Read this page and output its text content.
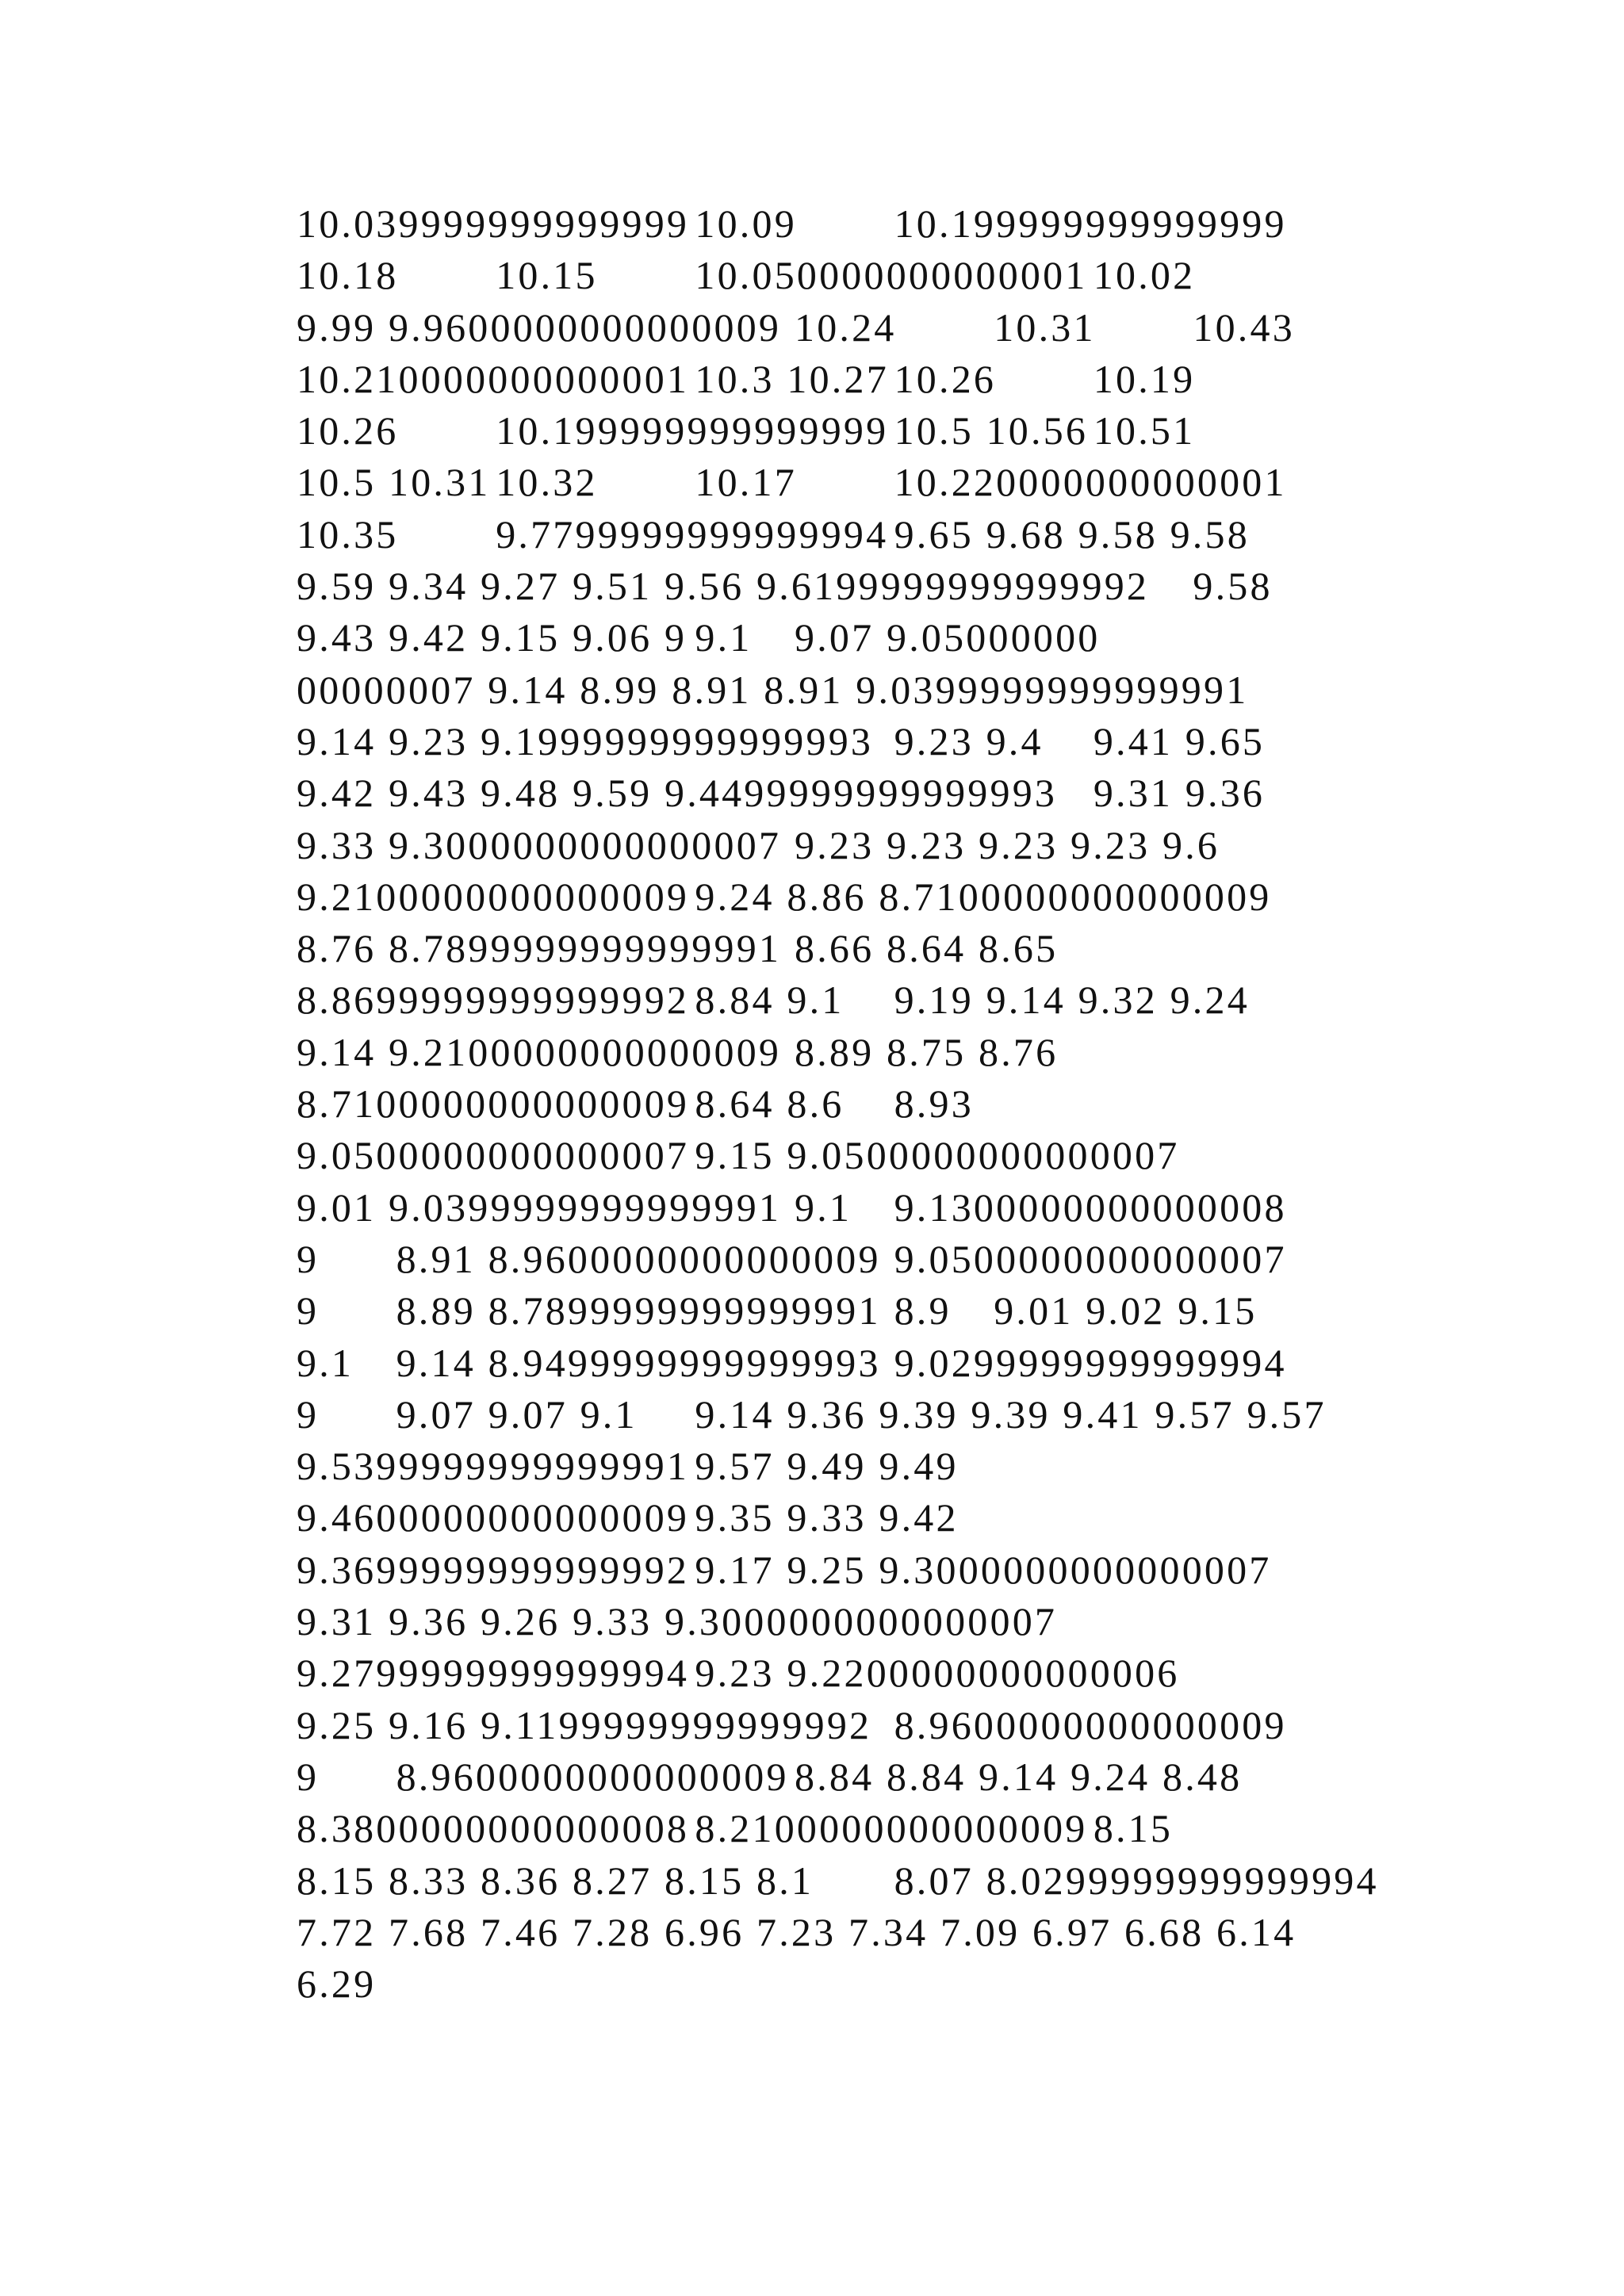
10.039999999999999	10.09	10.199999999999999
10.18	10.15	10.050000000000001	10.02
9.99 9.9600000000000009	10.24	10.31	10.43
10.210000000000001	10.3 10.27	10.26	10.19
10.26	10.199999999999999	10.5 10.56	10.51
10.5 10.31	10.32	10.17	10.220000000000001
10.35	9.7799999999999994	9.65 9.68 9.58 9.58
9.59 9.34 9.27 9.51 9.56 9.6199999999999992	9.58
9.43 9.42 9.15 9.06 9	9.1	9.07 9.05000000
00000007 9.14 8.99 8.91 8.91 9.0399999999999991
9.14 9.23 9.1999999999999993	9.23 9.4	9.41 9.65
9.42 9.43 9.48 9.59 9.4499999999999993	9.31 9.36
9.33 9.3000000000000007	9.23 9.23 9.23 9.23 9.6
9.2100000000000009	9.24 8.86 8.7100000000000009
8.76 8.7899999999999991	8.66 8.64 8.65
8.8699999999999992	8.84 9.1	9.19 9.14 9.32 9.24
9.14 9.2100000000000009	8.89 8.75 8.76
8.7100000000000009	8.64 8.6	8.93
9.0500000000000007	9.15 9.0500000000000007
9.01 9.0399999999999991	9.1	9.1300000000000008
9	8.91 8.9600000000000009	9.0500000000000007
9	8.89 8.7899999999999991	8.9	9.01 9.02 9.15
9.1	9.14 8.9499999999999993	9.0299999999999994
9	9.07 9.07 9.1	9.14 9.36 9.39 9.39 9.41 9.57 9.57
9.5399999999999991	9.57 9.49 9.49
9.4600000000000009	9.35 9.33 9.42
9.3699999999999992	9.17 9.25 9.3000000000000007
9.31 9.36 9.26 9.33 9.3000000000000007
9.2799999999999994	9.23 9.2200000000000006
9.25 9.16 9.1199999999999992	8.9600000000000009
9	8.9600000000000009	8.84 8.84 9.14 9.24 8.48
8.3800000000000008	8.2100000000000009	8.15
8.15 8.33 8.36 8.27 8.15 8.1	8.07 8.0299999999999994
7.72 7.68 7.46 7.28 6.96 7.23 7.34 7.09 6.97 6.68 6.14
6.29
